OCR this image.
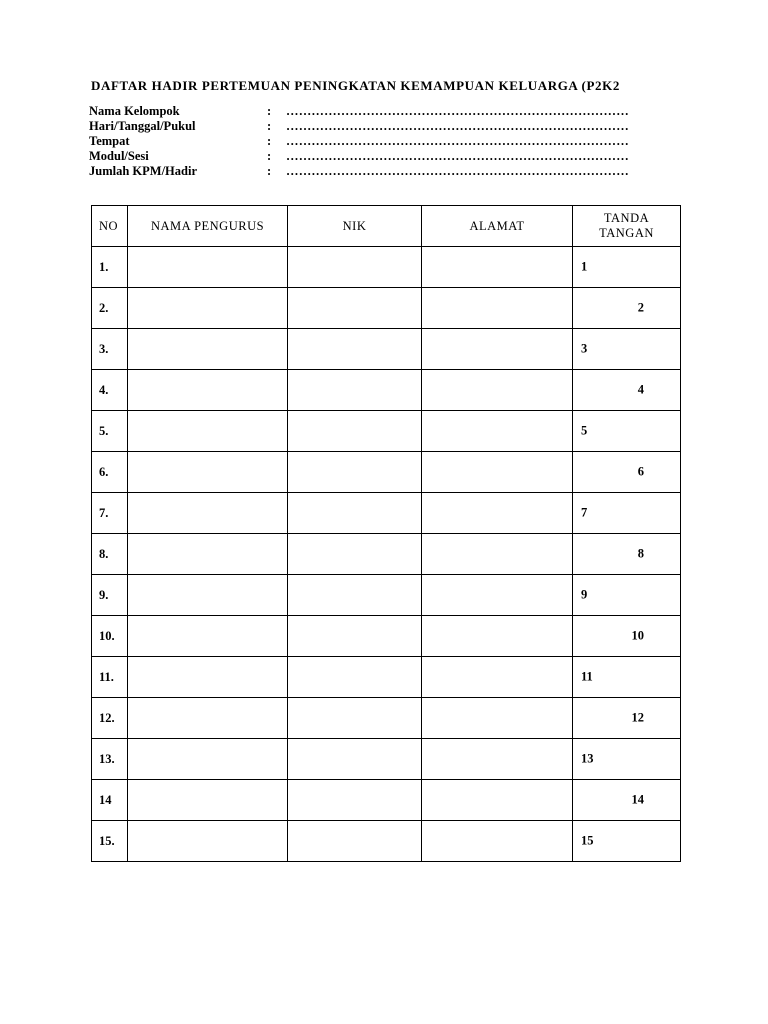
DAFTAR HADIR PERTEMUAN PENINGKATAN KEMAMPUAN KELUARGA (P2K2
Nama Kelompok	: ………………………………………………………………………
Hari/Tanggal/Pukul	: ………………………………………………………………………
Tempat	: ………………………………………………………………………
Modul/Sesi	: ………………………………………………………………………
Jumlah KPM/Hadir	: ………………………………………………………………………
NO	NAMA PENGURUS	NIK	ALAMAT	TANDA
TANGAN

1.				1

2.				2

3.				3

4.				4

5.				5

6.				6

7.				7

8.				8

9.				9

10.				10

11.				11

12.				12

13.				13

14				14

15.				15
